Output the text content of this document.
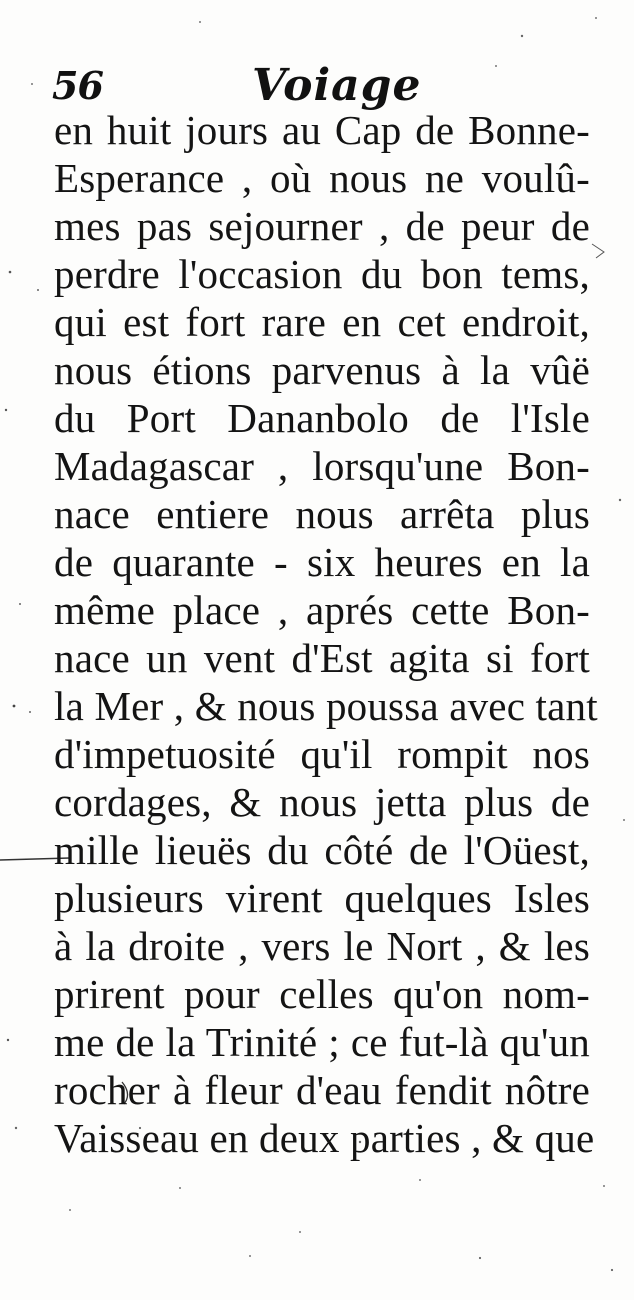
56	Voiage
en huit jours au Cap de Bonne-
Esperance , où nous ne voulû-
mes pas sejourner , de peur de
perdre l'occasion du bon tems,
qui est fort rare en cet endroit,
nous étions parvenus à la vûë
du Port Dananbolo de l'Isle
Madagascar , lorsqu'une Bon-
nace entiere nous arrêta plus
de quarante - six heures en la
même place , aprés cette Bon-
nace un vent d'Est agita si fort
la Mer , & nous poussa avec tant
d'impetuosité qu'il rompit nos
cordages, & nous jetta plus de
mille lieuës du côté de l'Oüest,
plusieurs virent quelques Isles
à la droite , vers le Nort , & les
prirent pour celles qu'on nom-
me de la Trinité ; ce fut-là qu'un
rocher à fleur d'eau fendit nôtre
Vaisseau en deux parties , & que
